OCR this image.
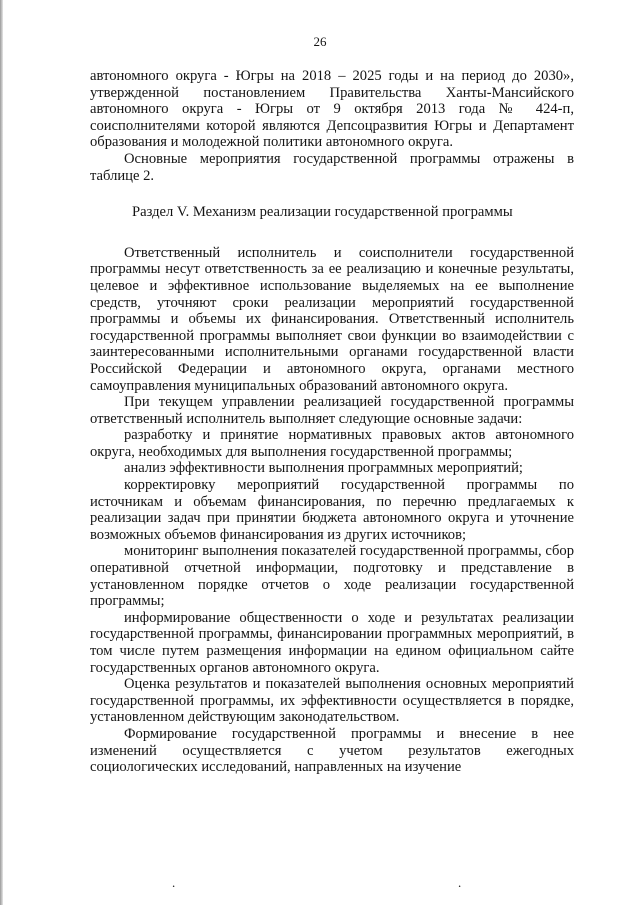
26

автономного округа - Югры на 2018 – 2025 годы и на период до 2030», утвержденной постановлением Правительства Ханты-Мансийского автономного округа - Югры от 9 октября 2013 года № 424-п, соисполнителями которой являются Депсоцразвития Югры и Департамент образования и молодежной политики автономного округа.

Основные мероприятия государственной программы отражены в таблице 2.

Раздел V. Механизм реализации государственной программы

Ответственный исполнитель и соисполнители государственной программы несут ответственность за ее реализацию и конечные результаты, целевое и эффективное использование выделяемых на ее выполнение средств, уточняют сроки реализации мероприятий государственной программы и объемы их финансирования. Ответственный исполнитель государственной программы выполняет свои функции во взаимодействии с заинтересованными исполнительными органами государственной власти Российской Федерации и автономного округа, органами местного самоуправления муниципальных образований автономного округа.

При текущем управлении реализацией государственной программы ответственный исполнитель выполняет следующие основные задачи:

разработку и принятие нормативных правовых актов автономного округа, необходимых для выполнения государственной программы;

анализ эффективности выполнения программных мероприятий;

корректировку мероприятий государственной программы по источникам и объемам финансирования, по перечню предлагаемых к реализации задач при принятии бюджета автономного округа и уточнение возможных объемов финансирования из других источников;

мониторинг выполнения показателей государственной программы, сбор оперативной отчетной информации, подготовку и представление в установленном порядке отчетов о ходе реализации государственной программы;

информирование общественности о ходе и результатах реализации государственной программы, финансировании программных мероприятий, в том числе путем размещения информации на едином официальном сайте государственных органов автономного округа.

Оценка результатов и показателей выполнения основных мероприятий государственной программы, их эффективности осуществляется в порядке, установленном действующим законодательством.

Формирование государственной программы и внесение в нее изменений осуществляется с учетом результатов ежегодных социологических исследований, направленных на изучение

.	.
